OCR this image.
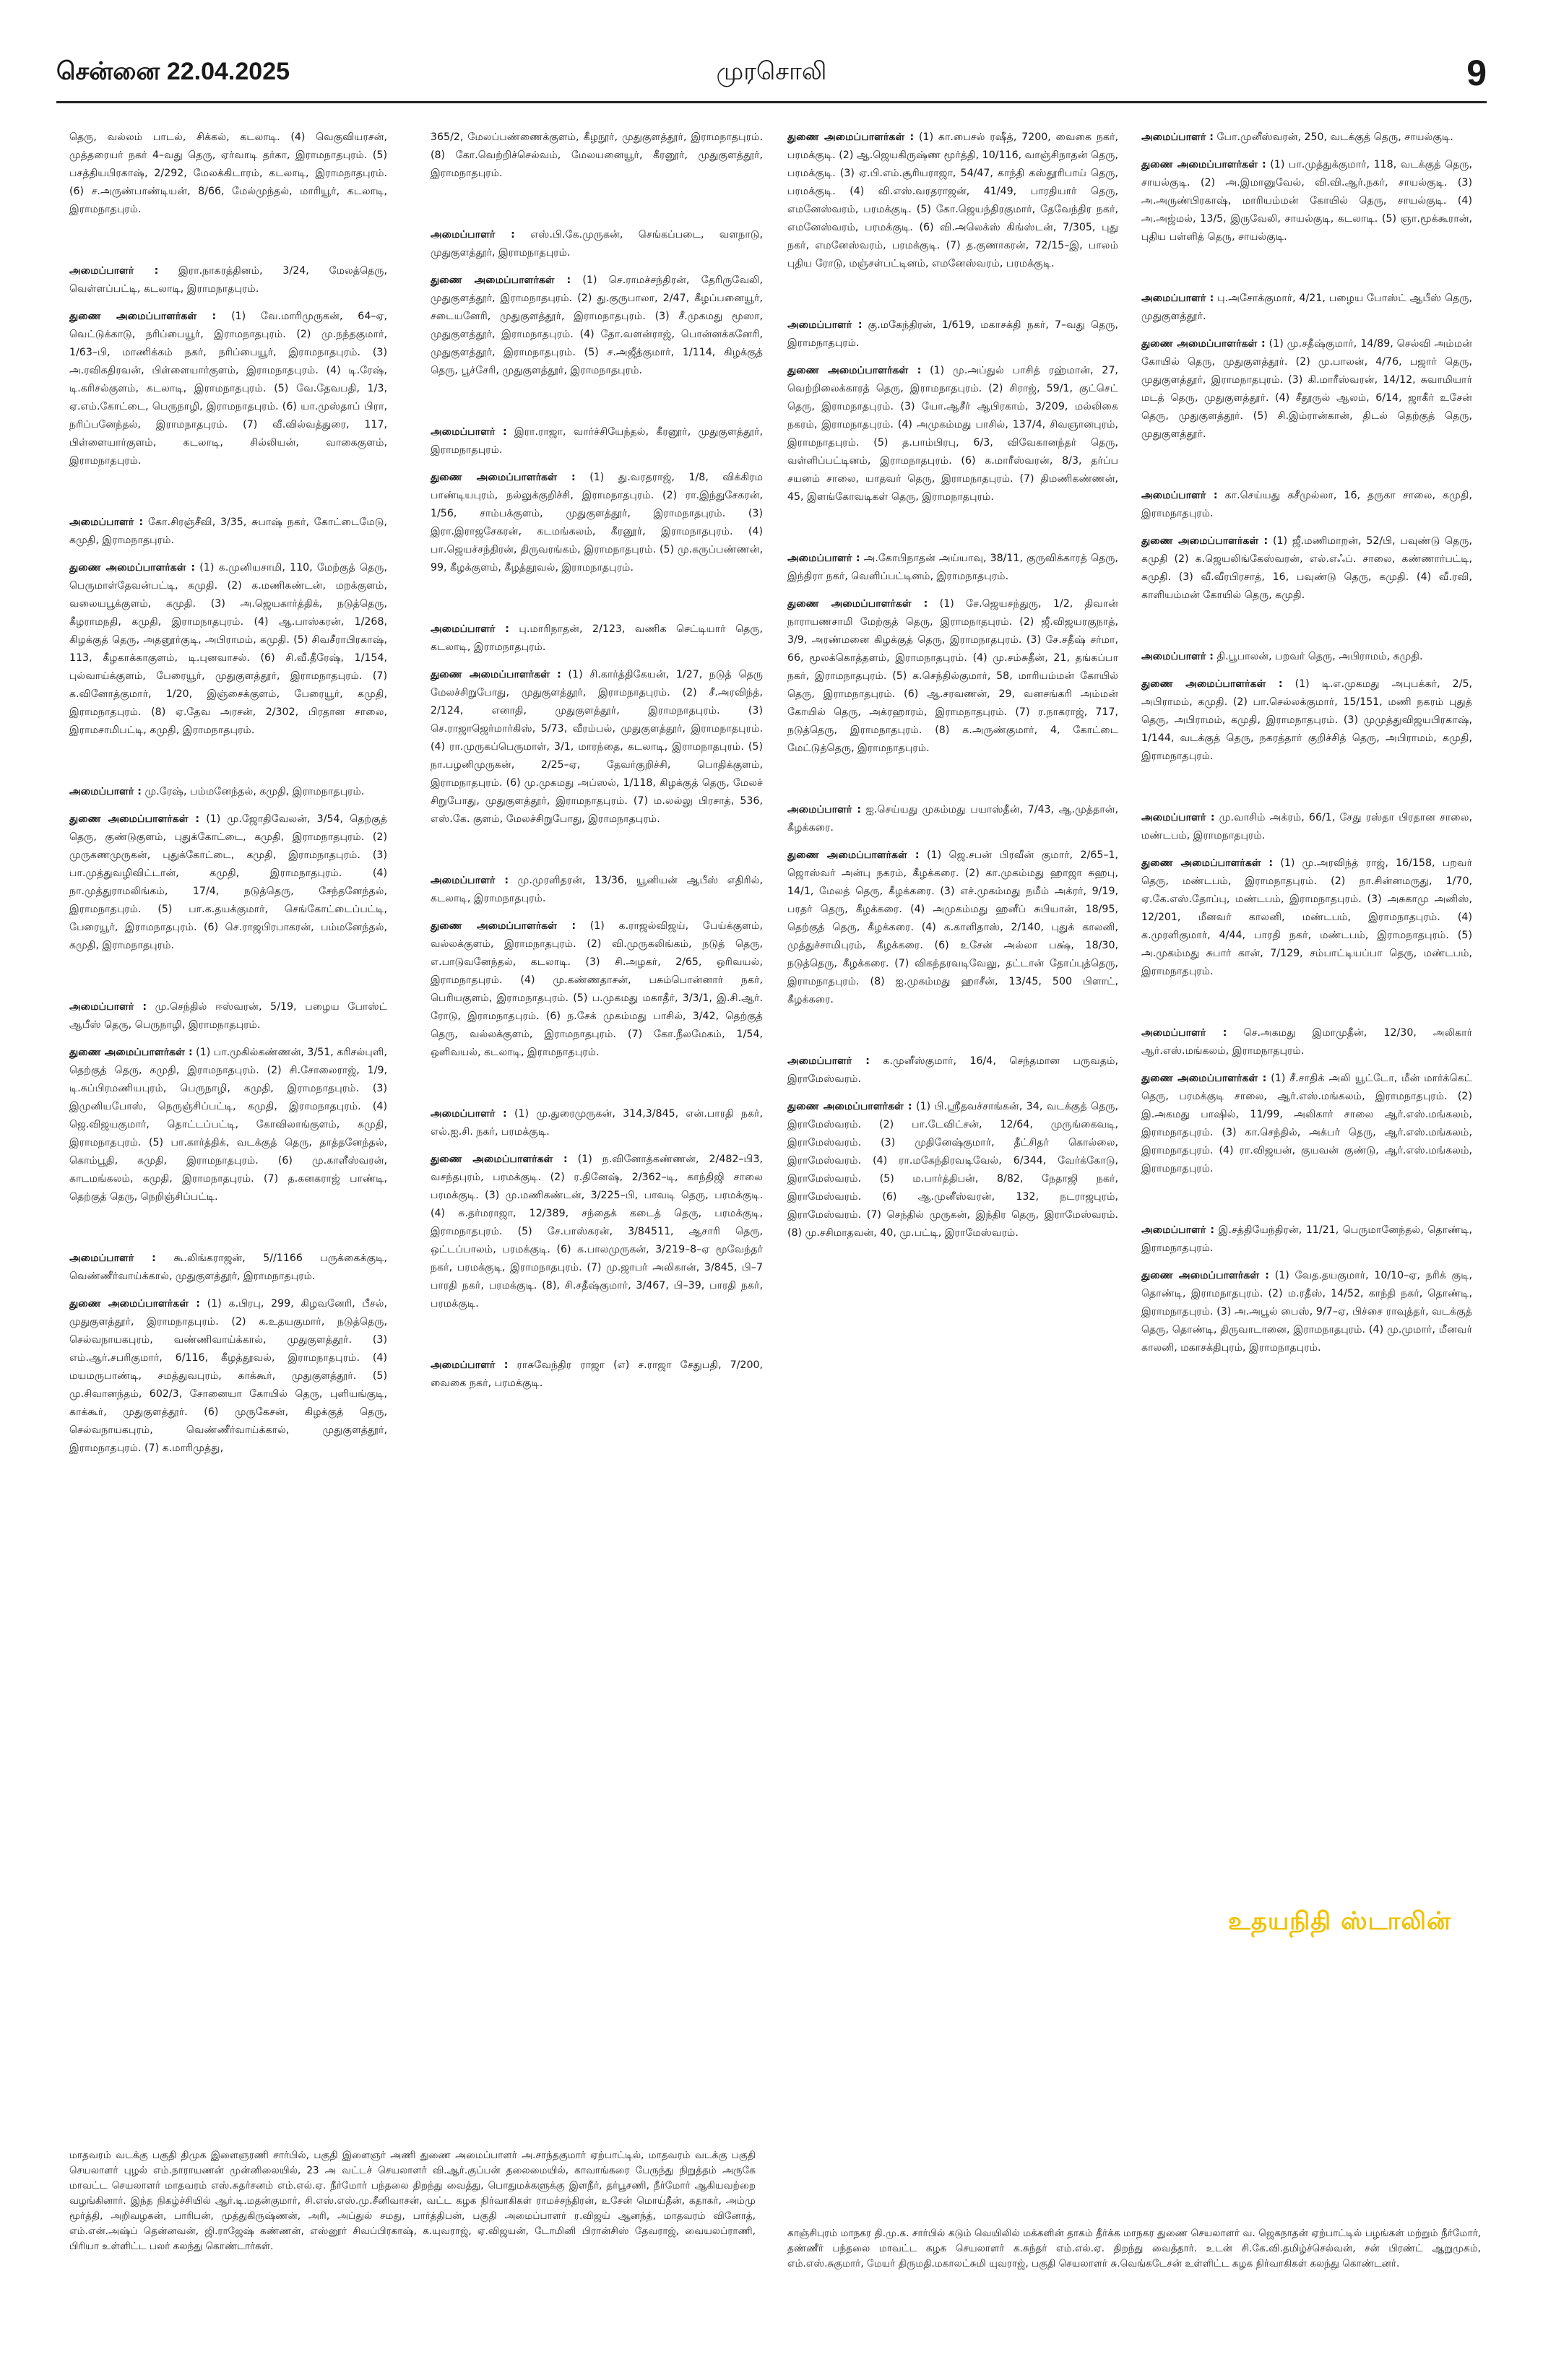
சென்னை 22.04.2025	முரசொலி	9

தெரு, வல்லம் பாடல், சிக்கல், கடலாடி. (4) வெகுவியரசன், முத்தரையர் நகர் 4–வது தெரு, ஏர்வாடி தர்கா, இராமநாதபுரம். (5) பசத்தியபிரகாஷ், 2/292, மேலக்கிடாரம், கடலாடி, இராமநாதபுரம். (6) ச.அருண்பாண்டியன், 8/66, மேல்முந்தல், மாரியூர், கடலாடி, இராமநாதபுரம்.

அமைப்பாளர் : இரா.நாகரத்தினம், 3/24, மேலத்தெரு, வெள்ளப்பட்டி, கடலாடி, இராமநாதபுரம்.

துணை அமைப்பாளர்கள் : (1) வே.மாரிமுருகன், 64–ஏ, வெட்டுக்காடு, நரிப்பையூர், இராமநாதபுரம். (2) மு.நந்தகுமார், 1/63–பி, மாணிக்கம் நகர், நரிப்பையூர், இராமநாதபுரம். (3) அ.ரவிகதிரவன், பிள்ளையார்குளம், இராமநாதபுரம். (4) டி.ரேஷ், டி.கரிசல்குளம், கடலாடி, இராமநாதபுரம். (5) வே.தேவபதி, 1/3, ஏ.எம்.கோட்டை, பெருநாழி, இராமநாதபுரம். (6) யா.முஸ்தாப் பிரா, நரிப்பனேந்தல், இராமநாதபுரம். (7) வீ.வில்வத்துரை, 117, பிள்ளையார்குளம், கடலாடி, சில்லியன், வாகைகுளம், இராமநாதபுரம்.

அமைப்பாளர் : கோ.சிரஞ்சீவி, 3/35, சுபாஷ் நகர், கோட்டைமேடு, கமுதி, இராமநாதபுரம்.

துணை அமைப்பாளர்கள் : (1) க.முனியசாமி, 110, மேற்குத் தெரு, பெருமாள்தேவன்பட்டி, கமுதி. (2) க.மணிகண்டன், மறக்குளம், வலையபூக்குளம், கமுதி. (3) அ.ஜெயகார்த்திக், நடுத்தெரு, கீழராமநதி, கமுதி, இராமநாதபுரம். (4) ஆ.பாஸ்கரன், 1/268, கிழக்குத் தெரு, அதனூர்குடி, அபிராமம், கமுதி. (5) சிவசீராபிரகாஷ், 113, கீழகாக்காகுளம், டி.புனவாசல். (6) சி.வீ.தீரேஷ், 1/154, புல்வாய்க்குளம், பேரையூர், முதுகுளத்தூர், இராமநாதபுரம். (7) க.வினோத்குமார், 1/20, இஞ்சைக்குளம், பேரையூர், கமுதி, இராமநாதபுரம். (8) ஏ.தேவ அரசன், 2/302, பிரதான சாலை, இராமசாமிபட்டி, கமுதி, இராமநாதபுரம்.

அமைப்பாளர் : மு.ரேஷ், பம்மனேந்தல், கமுதி, இராமநாதபுரம்.

துணை அமைப்பாளர்கள் : (1) மு.ஜோதிவேலன், 3/54, தெற்குத் தெரு, குண்டுகுளம், புதுக்கோட்டை, கமுதி, இராமநாதபுரம். (2) முருகணமுருகன், புதுக்கோட்டை, கமுதி, இராமநாதபுரம். (3) பா.முத்துவழிவிட்டான், கமுதி, இராமநாதபுரம். (4) நா.முத்துராமலிங்கம், 17/4, நடுத்தெரு, சேந்தனேந்தல், இராமநாதபுரம். (5) பா.க.தயக்குமார், செங்கோட்டைப்பட்டி, பேரையூர், இராமநாதபுரம். (6) செ.ராஜபிரபாகரன், பம்மனேந்தல், கமுதி, இராமநாதபுரம்.

அமைப்பாளர் : மு.செந்தில் ஈஸ்வரன், 5/19, பழைய போஸ்ட் ஆபீஸ் தெரு, பெருநாழி, இராமநாதபுரம்.

துணை அமைப்பாளர்கள் : (1) பா.முகில்கண்ணன், 3/51, கரிசல்புளி, தெற்குத் தெரு, கமுதி, இராமநாதபுரம். (2) சி.சோலைராஜ், 1/9, டி.சுப்பிரமணியபுரம், பெருநாழி, கமுதி, இராமநாதபுரம். (3) இமுனியபோஸ், நெருஞ்சிப்பட்டி, கமுதி, இராமநாதபுரம். (4) ஜெ.விஜயகுமார், தொட்டப்பட்டி, கோவிலாங்குளம், கமுதி, இராமநாதபுரம். (5) பா.கார்த்திக், வடக்குத் தெரு, தாத்தனேந்தல், கொம்பூதி, கமுதி, இராமநாதபுரம். (6) மு.காளீஸ்வரன், காடமங்கலம், கமுதி, இராமநாதபுரம். (7) த.கனகராஜ் பாண்டி, தெற்குத் தெரு, நெறிஞ்சிப்பட்டி.

அமைப்பாளர் : கூ.லிங்கராஜன், 5//1166 பருக்கைக்குடி, வெண்ணீர்வாய்க்கால், முதுகுளத்தூர், இராமநாதபுரம்.

துணை அமைப்பாளர்கள் : (1) க.பிரபு, 299, கிழவனேரி, பீசல், முதுகுளத்தூர், இராமநாதபுரம். (2) க.உதயகுமார், நடுத்தெரு, செல்வநாயகபுரம், வண்ணிவாய்க்கால், முதுகுளத்தூர். (3) எம்.ஆர்.சபரிகுமார், 6/116, கீழத்தூவல், இராமநாதபுரம். (4) மயமருபாண்டி, சமத்துவபுரம், காக்கூர், முதுகுளத்தூர். (5) மு.சிவானந்தம், 602/3, சோனையா கோயில் தெரு, புளியங்குடி, காக்கூர், முதுகுளத்தூர். (6) முருகேசன், கிழக்குத் தெரு, செல்வநாயகபுரம், வெண்ணீர்வாய்க்கால், முதுகுளத்தூர், இராமநாதபுரம். (7) க.மாரிமுத்து,

365/2, மேலப்பண்ணைக்குளம், கீழநூர், முதுகுளத்தூர், இராமநாதபுரம். (8) கோ.வெற்றிச்செல்வம், மேலயனையூர், கீரனூர், முதுகுளத்தூர், இராமநாதபுரம்.

அமைப்பாளர் : எஸ்.பி.கே.முருகன், செங்கப்படை, வளநாடு, முதுகுளத்தூர், இராமநாதபுரம்.

துணை அமைப்பாளர்கள் : (1) செ.ராமச்சந்திரன், தேரிருவேலி, முதுகுளத்தூர், இராமநாதபுரம். (2) து.குருபாலா, 2/47, கீழப்பனையூர், சடையனேரி, முதுகுளத்தூர், இராமநாதபுரம். (3) சீ.முகமது மூஸா, முதுகுளத்தூர், இராமநாதபுரம். (4) தோ.வளன்ராஜ், பொன்னக்கனேரி, முதுகுளத்தூர், இராமநாதபுரம். (5) ச.அஜீத்குமார், 1/114, கிழக்குத் தெரு, பூச்சேரி, முதுகுளத்தூர், இராமநாதபுரம்.

அமைப்பாளர் : இரா.ராஜா, வார்ச்சியேந்தல், கீரனூர், முதுகுளத்தூர், இராமநாதபுரம்.

துணை அமைப்பாளர்கள் : (1) து.வரதராஜ், 1/8, விக்கிரம பாண்டியபுரம், நல்லுக்குறிச்சி, இராமநாதபுரம். (2) ரா.இந்துசேகரன், 1/56, சாம்பக்குளம், முதுகுளத்தூர், இராமநாதபுரம். (3) இரா.இராஜசேகரன், கடமங்கலம், கீரனூர், இராமநாதபுரம். (4) பா.ஜெயச்சந்திரன், திருவரங்கம், இராமநாதபுரம். (5) மு.கருப்பண்ணன், 99, கீழக்குளம், கீழத்தூவல், இராமநாதபுரம்.

அமைப்பாளர் : பு.மாரிநாதன், 2/123, வணிக செட்டியார் தெரு, கடலாடி, இராமநாதபுரம்.

துணை அமைப்பாளர்கள் : (1) சி.கார்த்திகேயன், 1/27, நடுத் தெரு மேலச்சிறுபோது, முதுகுளத்தூர், இராமநாதபுரம். (2) சீ.அரவிந்த், 2/124, எனாதி, முதுகுளத்தூர், இராமநாதபுரம். (3) செ.ராஜாஜெர்மார்கிஸ், 5/73, வீரம்பல், முதுகுளத்தூர், இராமநாதபுரம். (4) ரா.முருகப்பெருமாள், 3/1, மாரந்தை, கடலாடி, இராமநாதபுரம். (5) நா.பழனிமுருகன், 2/25–ஏ, தேவர்குறிச்சி, பொதிக்குளம், இராமநாதபுரம். (6) மு.முகமது அப்ஸல், 1/118, கிழக்குத் தெரு, மேலச் சிறுபோது, முதுகுளத்தூர், இராமநாதபுரம். (7) ம.லல்லு பிரசாத், 536, எஸ்.கே. குளம், மேலச்சிறுபோது, இராமநாதபுரம்.

அமைப்பாளர் : மு.முரளிதரன், 13/36, யூனியன் ஆபீஸ் எதிரில், கடலாடி, இராமநாதபுரம்.

துணை அமைப்பாளர்கள் : (1) க.ராஜல்விஜய், பேய்க்குளம், வல்லக்குளம், இராமநாதபுரம். (2) வி.முருகலிங்கம், நடுத் தெரு, எ.பாடுவனேந்தல், கடலாடி. (3) சி.அழகர், 2/65, ஒரிவயல், இராமநாதபுரம். (4) மு.கண்ணதாசன், பசும்பொன்னார் நகர், பெரியகுளம், இராமநாதபுரம். (5) ப.முகமது மகாதீர், 3/3/1, இ.சி.ஆர். ரோடு, இராமநாதபுரம். (6) ந.சேக் முகம்மது பாசில், 3/42, தெற்குத் தெரு, வல்லக்குளம், இராமநாதபுரம். (7) கோ.நீலமேகம், 1/54, ஒளிவயல், கடலாடி, இராமநாதபுரம்.

அமைப்பாளர் : (1) மு.துரைமுருகன், 314,3/845, என்.பாரதி நகர், எல்.ஐ.சி. நகர், பரமக்குடி.

துணை அமைப்பாளர்கள் : (1) ந.வினோத்கண்ணன், 2/482–பி3, வசந்தபுரம், பரமக்குடி. (2) ர.தினேஷ், 2/362–டி, காந்திஜி சாலை பரமக்குடி. (3) மு.மணிகண்டன், 3/225–பி, பாவடி தெரு, பரமக்குடி. (4) சு.தர்மராஜா, 12/389, சந்தைக் கடைத் தெரு, பரமக்குடி, இராமநாதபுரம். (5) சே.பாஸ்கரன், 3/84511, ஆசாரி தெரு, ஒட்டப்பாலம், பரமக்குடி. (6) க.பாலமுருகன், 3/219–8–ஏ மூவேந்தர் நகர், பரமக்குடி, இராமநாதபுரம். (7) மு.ஜாபர் அலிகான், 3/845, பி–7 பாரதி நகர், பரமக்குடி. (8), சி.சதீஷ்குமார், 3/467, பி–39, பாரதி நகர், பரமக்குடி.

அமைப்பாளர் : ராசுவேந்திர ராஜா (எ) ச.ராஜா சேதுபதி, 7/200, வைகை நகர், பரமக்குடி.

துணை அமைப்பாளர்கள் : (1) கா.பைசல் ரஷீத், 7200, வைகை நகர், பரமக்குடி. (2) ஆ.ஜெயகிருஷ்ண மூர்த்தி, 10/116, வாஞ்சிநாதன் தெரு, பரமக்குடி. (3) ஏ.பி.எம்.சூரியராஜா, 54/47, காந்தி கஸ்தூரிபாய் தெரு, பரமக்குடி. (4) வி.எஸ்.வரதராஜன், 41/49, பாரதியார் தெரு, எமனேஸ்வரம், பரமக்குடி. (5) கோ.ஜெயந்திரகுமார், தேவேந்திர நகர், எமனேஸ்வரம், பரமக்குடி. (6) வி.அலெக்ஸ் கிங்ஸ்டன், 7/305, புது நகர், எமனேஸ்வரம், பரமக்குடி. (7) த.குணாகரன், 72/15–இ, பாலம் புதிய ரோடு, மஞ்சள்பட்டினம், எமனேஸ்வரம், பரமக்குடி.

அமைப்பாளர் : கு.மகேந்திரன், 1/619, மகாசக்தி நகர், 7–வது தெரு, இராமநாதபுரம்.

துணை அமைப்பாளர்கள் : (1) மு.அப்துல் பாசித் ரஹ்மான், 27, வெற்றிலைக்காரத் தெரு, இராமநாதபுரம். (2) சிராஜ், 59/1, குட்செட் தெரு, இராமநாதபுரம். (3) யோ.ஆசீர் ஆபிரகாம், 3/209, மல்லிகை நகரம், இராமநாதபுரம். (4) அமுகம்மது பாசில், 137/4, சிவஞானபுரம், இராமநாதபுரம். (5) த.பாம்பிரபு, 6/3, விவேகானந்தர் தெரு, வள்ளிப்பட்டினம், இராமநாதபுரம். (6) க.மாரீஸ்வரன், 8/3, தர்ப்ப சயனம் சாலை, யாதவர் தெரு, இராமநாதபுரம். (7) திமணிகண்ணன், 45, இளங்கோவடிகள் தெரு, இராமநாதபுரம்.

அமைப்பாளர் : அ.கோபிநாதன் அய்யாவு, 38/11, குருவிக்காரத் தெரு, இந்திரா நகர், வெளிப்பட்டினம், இராமநாதபுரம்.

துணை அமைப்பாளர்கள் : (1) சே.ஜெயசந்துரு, 1/2, திவான் நாராயணசாமி மேற்குத் தெரு, இராமநாதபுரம். (2) ஜீ.விஜயரகுநாத், 3/9, அரண்மனை கிழக்குத் தெரு, இராமநாதபுரம். (3) சே.சதீஷ் சர்மா, 66, மூலக்கொத்தளம், இராமநாதபுரம். (4) மு.சம்சுதீன், 21, தங்கப்பா நகர், இராமநாதபுரம். (5) க.செந்தில்குமார், 58, மாரியம்மன் கோயில் தெரு, இராமநாதபுரம். (6) ஆ.சரவணன், 29, வனசங்கரி அம்மன் கோயில் தெரு, அக்ரஹாரம், இராமநாதபுரம். (7) ர.நாகராஜ், 717, நடுத்தெரு, இராமநாதபுரம். (8) க.அருண்குமார், 4, கோட்டை மேட்டுத்தெரு, இராமநாதபுரம்.

அமைப்பாளர் : ஐ.செய்யது முகம்மது பயாஸ்தீன், 7/43, ஆ.முத்தான், கீழக்கரை.

துணை அமைப்பாளர்கள் : (1) ஜெ.சபன் பிரவீன் குமார், 2/65–1, ஜொஸ்வர் அன்பு நகரம், கீழக்கரை. (2) கா.முகம்மது ஹாஜா சுஹபு, 14/1, மேலத் தெரு, கீழக்கரை. (3) எச்.முகம்மது நமீம் அக்ரர், 9/19, பரதர் தெரு, கீழக்கரை. (4) அமுகம்மது ஹனீப் சுபியான், 18/95, தெற்குத் தெரு, கீழக்கரை. (4) க.காளிதாஸ், 2/140, புதுக் காலனி, முத்துச்சாமிபுரம், கீழக்கரை. (6) உசேன் அல்லா பக்ஷ், 18/30, நடுத்தெரு, கீழக்கரை. (7) விகந்தரவடிவேலு, தட்டான் தோப்புத்தெரு, இராமநாதபுரம். (8) ஐ.முகம்மது ஹாசீன், 13/45, 500 பிளாட், கீழக்கரை.

அமைப்பாளர் : க.முனீஸ்குமார், 16/4, செந்தமான பருவதம், இராமேஸ்வரம்.

துணை அமைப்பாளர்கள் : (1) பி.ஸ்ரீதவச்சாங்கன், 34, வடக்குத் தெரு, இராமேஸ்வரம். (2) பா.டேவிட்சன், 12/64, முருங்கைவடி, இராமேஸ்வரம். (3) முதினேஷ்குமார், தீட்சிதர் கொல்லை, இராமேஸ்வரம். (4) ரா.மகேந்திரவடிவேல், 6/344, வேர்க்கோடு, இராமேஸ்வரம். (5) ம.பார்த்திபன், 8/82, நேதாஜி நகர், இராமேஸ்வரம். (6) ஆ.முனீஸ்வரன், 132, நடராஜபுரம், இராமேஸ்வரம். (7) செந்தில் முருகன், இந்திர தெரு, இராமேஸ்வரம். (8) மு.சசிமாதவன், 40, மு.பட்டி, இராமேஸ்வரம்.

அமைப்பாளர் : போ.முனீஸ்வரன், 250, வடக்குத் தெரு, சாயல்குடி.

துணை அமைப்பாளர்கள் : (1) பா.முத்துக்குமார், 118, வடக்குத் தெரு, சாயல்குடி. (2) அ.இமானுவேல், வி.வி.ஆர்.நகர், சாயல்குடி. (3) அ.அருண்பிரகாஷ், மாரியம்மன் கோயில் தெரு, சாயல்குடி. (4) அ.அஜ்மல், 13/5, இருவேலி, சாயல்குடி, கடலாடி. (5) ஞா.மூக்கூரான், புதிய பள்ளித் தெரு, சாயல்குடி.

அமைப்பாளர் : பு.அசோக்குமார், 4/21, பழைய போஸ்ட் ஆபீஸ் தெரு, முதுகுளத்தூர்.

துணை அமைப்பாளர்கள் : (1) மு.சதீஷ்குமார், 14/89, செல்வி அம்மன் கோயில் தெரு, முதுகுளத்தூர். (2) மு.பாலன், 4/76, பஜார் தெரு, முதுகுளத்தூர், இராமநாதபுரம். (3) கி.மாரீஸ்வரன், 14/12, சுவாமியார் மடத் தெரு, முதுகுளத்தூர். (4) சீதூருல் ஆலம், 6/14, ஜாகீர் உசேன் தெரு, முதுகுளத்தூர். (5) சி.இம்ரான்கான், திடல் தெற்குத் தெரு, முதுகுளத்தூர்.

அமைப்பாளர் : கா.செய்யது கசீமுல்லா, 16, தருகா சாலை, கமுதி, இராமநாதபுரம்.

துணை அமைப்பாளர்கள் : (1) ஜீ.மணிமாறன், 52/பி, பவுண்டு தெரு, கமுதி (2) க.ஜெயலிங்கேஸ்வரன், எல்.எஃப். சாலை, கண்ணார்பட்டி, கமுதி. (3) வீ.வீரபிரசாத், 16, பவுண்டு தெரு, கமுதி. (4) வீ.ரவி, காளியம்மன் கோயில் தெரு, கமுதி.

அமைப்பாளர் : தி.பூபாலன், பறவர் தெரு, அபிராமம், கமுதி.

துணை அமைப்பாளர்கள் : (1) டி.எ.முகமது அபுபக்கர், 2/5, அபிராமம், கமுதி. (2) பா.செல்லக்குமார், 15/151, மணி நகரம் புதுத் தெரு, அபிராமம், கமுதி, இராமநாதபுரம். (3) முமுத்துவிஜயபிரகாஷ், 1/144, வடக்குத் தெரு, நகரத்தார் குறிச்சித் தெரு, அபிராமம், கமுதி, இராமநாதபுரம்.

அமைப்பாளர் : மு.வாசிம் அக்ரம், 66/1, சேது ரஸ்தா பிரதான சாலை, மண்டபம், இராமநாதபுரம்.

துணை அமைப்பாளர்கள் : (1) மு.அரவிந்த் ராஜ், 16/158, பறவர் தெரு, மண்டபம், இராமநாதபுரம். (2) நா.சின்னமருது, 1/70, ஏ.கே.எஸ்.தோப்பு, மண்டபம், இராமநாதபுரம். (3) அசுகாமு அனிஸ், 12/201, மீனவர் காலனி, மண்டபம், இராமநாதபுரம். (4) க.முரளிகுமார், 4/44, பாரதி நகர், மண்டபம், இராமநாதபுரம். (5) அ.முகம்மது சுபார் கான், 7/129, சம்பாட்டியப்பா தெரு, மண்டபம், இராமநாதபுரம்.

அமைப்பாளர் : செ.அகமது இமாமுதீன், 12/30, அலிகார் ஆர்.எஸ்.மங்கலம், இராமநாதபுரம்.

துணை அமைப்பாளர்கள் : (1) சீ.சாதிக் அலி யூட்டோ, மீன் மார்க்கெட் தெரு, பரமக்குடி சாலை, ஆர்.எஸ்.மங்கலம், இராமநாதபுரம். (2) இ.அகமது பாஷில், 11/99, அலிகார் சாலை ஆர்.எஸ்.மங்கலம், இராமநாதபுரம். (3) கா.செந்தில், அக்பர் தெரு, ஆர்.எஸ்.மங்கலம், இராமநாதபுரம். (4) ரா.விஜயன், குயவன் குண்டு, ஆர்.எஸ்.மங்கலம், இராமநாதபுரம்.

அமைப்பாளர் : இ.சத்தியேந்திரன், 11/21, பெருமானேந்தல், தொண்டி, இராமநாதபுரம்.

துணை அமைப்பாளர்கள் : (1) வேத.தயகுமார், 10/10–ஏ, நரிக் குடி, தொண்டி, இராமநாதபுரம். (2) ம.ரதீஸ், 14/52, காந்தி நகர், தொண்டி, இராமநாதபுரம். (3) அ.அபூல் பைஸ், 9/7–ஏ, பிச்சை ராவுத்தர், வடக்குத் தெரு, தொண்டி, திருவாடானை, இராமநாதபுரம். (4) மு.முமார், மீனவர் காலனி, மகாசக்திபுரம், இராமநாதபுரம்.

உதயநிதி ஸ்டாலின்
மாதவரம் வடக்கு பகுதி திமுக இளைஞரணி சார்பில், பகுதி இளைஞர் அணி துணை அமைப்பாளர் அ.சாந்தகுமார் ஏற்பாட்டில், மாதவரம் வடக்கு பகுதி செயலாளர் புழல் எம்.நாராயணன் முன்னிலையில், 23 அ வட்டச் செயலாளர் வி.ஆர்.குப்பன் தலைமையில், காவாங்கரை பேருந்து நிறுத்தம் அருகே மாவட்ட செயலாளர் மாதவரம் எஸ்.சுதர்சனம் எம்.எல்.ஏ. நீர்மோர் பந்தலை திறந்து வைத்து, பொதுமக்களுக்கு இளநீர், தர்பூசணி, நீர்மோர் ஆகியவற்றை வழங்கினார். இந்த நிகழ்ச்சியில் ஆர்.டி.மதன்குமார், சி.எஸ்.எஸ்.மு.சீனிவாசன், வட்ட கழக நிர்வாகிகள் ராமச்சந்திரன், உசேன் மொய்தீன், கதாகர், அம்மு மூர்த்தி, அறிவழகன், பாரிபன், முத்துகிருஷ்ணன், அரி, அப்துல் சமது, பார்த்திபன், பகுதி அமைப்பாளர் ர.விஜய் ஆனந்த், மாதவரம் வினோத், எம்.என்.அஷ்ப் தென்னவன், ஜி.ராஜேஷ் கண்ணன், எஸ்னூர் சிவப்பிரகாஷ், க.யுவராஜ், ஏ.விஜயன், டோமினி பிரான்சிஸ் தேவராஜ், வையலப்ராணி, பிரியா உள்ளிட்ட பலர் கலந்து கொண்டார்கள்.
காஞ்சிபுரம் மாநகர தி.மு.க. சார்பில் கடும் வெயிலில் மக்களின் தாகம் தீர்க்க மாநகர துணை செயலாளர் வ. ஜெகநாதன் ஏற்பாட்டில் பழங்கள் மற்றும் நீர்மோர், தண்ணீர் பந்தலை மாவட்ட கழக செயலாளர் க.சுந்தர் எம்.எல்.ஏ. திறந்து வைத்தார். உடன் சி.கே.வி.தமிழ்ச்செல்வன், சன் பிரண்ட் ஆறுமுகம், எம்.எஸ்.சுகுமார், மேயர் திருமதி.மகாலட்சுமி யுவராஜ், பகுதி செயலாளர் சு.வெங்கடேசன் உள்ளிட்ட கழக நிர்வாகிகள் கலந்து கொண்டனர்.
